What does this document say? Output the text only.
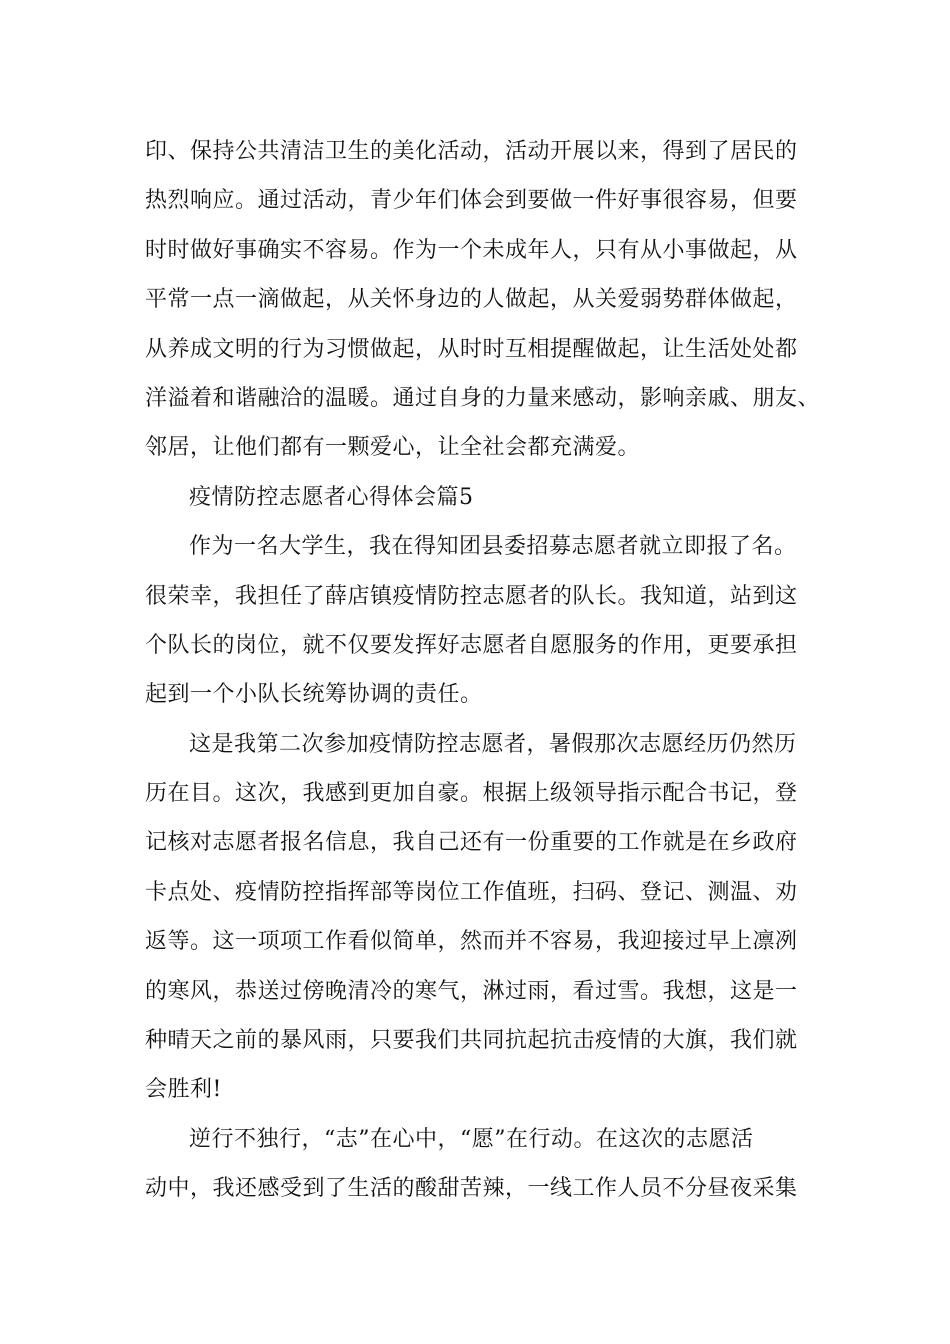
印、保持公共清洁卫生的美化活动，活动开展以来，得到了居民的
热烈响应。通过活动，青少年们体会到要做一件好事很容易，但要
时时做好事确实不容易。作为一个未成年人，只有从小事做起，从
平常一点一滴做起，从关怀身边的人做起，从关爱弱势群体做起，
从养成文明的行为习惯做起，从时时互相提醒做起，让生活处处都
洋溢着和谐融洽的温暖。通过自身的力量来感动，影响亲戚、朋友、
邻居，让他们都有一颗爱心，让全社会都充满爱。
疫情防控志愿者心得体会篇5
作为一名大学生，我在得知团县委招募志愿者就立即报了名。
很荣幸，我担任了薛店镇疫情防控志愿者的队长。我知道，站到这
个队长的岗位，就不仅要发挥好志愿者自愿服务的作用，更要承担
起到一个小队长统筹协调的责任。
这是我第二次参加疫情防控志愿者，暑假那次志愿经历仍然历
历在目。这次，我感到更加自豪。根据上级领导指示配合书记，登
记核对志愿者报名信息，我自己还有一份重要的工作就是在乡政府
卡点处、疫情防控指挥部等岗位工作值班，扫码、登记、测温、劝
返等。这一项项工作看似简单，然而并不容易，我迎接过早上凛冽
的寒风，恭送过傍晚清冷的寒气，淋过雨，看过雪。我想，这是一
种晴天之前的暴风雨，只要我们共同抗起抗击疫情的大旗，我们就
会胜利!
逆行不独行，“志”在心中，“愿”在行动。在这次的志愿活
动中，我还感受到了生活的酸甜苦辣，一线工作人员不分昼夜采集
